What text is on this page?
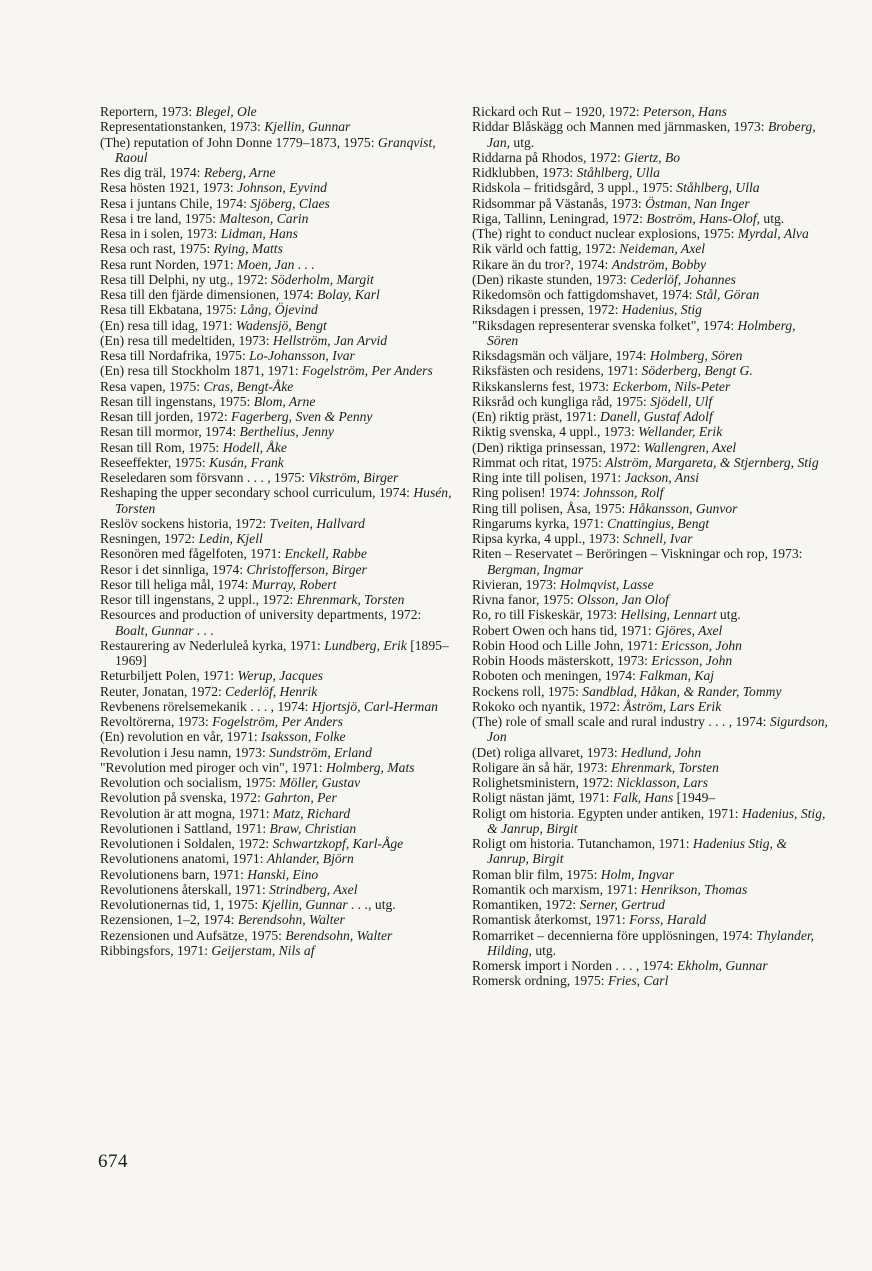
Reportern, 1973: Blegel, Ole

Representationstanken, 1973: Kjellin, Gunnar

(The) reputation of John Donne 1779–1873, 1975: Granqvist, Raoul

Res dig träl, 1974: Reberg, Arne

Resa hösten 1921, 1973: Johnson, Eyvind

Resa i juntans Chile, 1974: Sjöberg, Claes

Resa i tre land, 1975: Malteson, Carin

Resa in i solen, 1973: Lidman, Hans

Resa och rast, 1975: Rying, Matts

Resa runt Norden, 1971: Moen, Jan . . .

Resa till Delphi, ny utg., 1972: Söderholm, Margit

Resa till den fjärde dimensionen, 1974: Bolay, Karl

Resa till Ekbatana, 1975: Lång, Öjevind

(En) resa till idag, 1971: Wadensjö, Bengt

(En) resa till medeltiden, 1973: Hellström, Jan Arvid

Resa till Nordafrika, 1975: Lo-Johansson, Ivar

(En) resa till Stockholm 1871, 1971: Fogelström, Per Anders

Resa vapen, 1975: Cras, Bengt-Åke

Resan till ingenstans, 1975: Blom, Arne

Resan till jorden, 1972: Fagerberg, Sven & Penny

Resan till mormor, 1974: Berthelius, Jenny

Resan till Rom, 1975: Hodell, Åke

Reseeffekter, 1975: Kusán, Frank

Reseledaren som försvann . . . , 1975: Vikström, Birger

Reshaping the upper secondary school curriculum, 1974: Husén, Torsten

Reslöv sockens historia, 1972: Tveiten, Hallvard

Resningen, 1972: Ledin, Kjell

Resonören med fågelfoten, 1971: Enckell, Rabbe

Resor i det sinnliga, 1974: Christofferson, Birger

Resor till heliga mål, 1974: Murray, Robert

Resor till ingenstans, 2 uppl., 1972: Ehrenmark, Torsten

Resources and production of university departments, 1972: Boalt, Gunnar . . .

Restaurering av Nederluleå kyrka, 1971: Lundberg, Erik [1895–1969]

Returbiljett Polen, 1971: Werup, Jacques

Reuter, Jonatan, 1972: Cederlöf, Henrik

Revbenens rörelsemekanik . . . , 1974: Hjortsjö, Carl-Herman

Revoltörerna, 1973: Fogelström, Per Anders

(En) revolution en vår, 1971: Isaksson, Folke

Revolution i Jesu namn, 1973: Sundström, Erland

"Revolution med piroger och vin", 1971: Holmberg, Mats

Revolution och socialism, 1975: Möller, Gustav

Revolution på svenska, 1972: Gahrton, Per

Revolution är att mogna, 1971: Matz, Richard

Revolutionen i Sattland, 1971: Braw, Christian

Revolutionen i Soldalen, 1972: Schwartzkopf, Karl-Åge

Revolutionens anatomi, 1971: Ahlander, Björn

Revolutionens barn, 1971: Hanski, Eino

Revolutionens återskall, 1971: Strindberg, Axel

Revolutionernas tid, 1, 1975: Kjellin, Gunnar . . ., utg.

Rezensionen, 1–2, 1974: Berendsohn, Walter

Rezensionen und Aufsätze, 1975: Berendsohn, Walter

Ribbingsfors, 1971: Geijerstam, Nils af

Rickard och Rut – 1920, 1972: Peterson, Hans

Riddar Blåskägg och Mannen med järnmasken, 1973: Broberg, Jan, utg.

Riddarna på Rhodos, 1972: Giertz, Bo

Ridklubben, 1973: Ståhlberg, Ulla

Ridskola – fritidsgård, 3 uppl., 1975: Ståhlberg, Ulla

Ridsommar på Västanås, 1973: Östman, Nan Inger

Riga, Tallinn, Leningrad, 1972: Boström, Hans-Olof, utg.

(The) right to conduct nuclear explosions, 1975: Myrdal, Alva

Rik värld och fattig, 1972: Neideman, Axel

Rikare än du tror?, 1974: Andström, Bobby

(Den) rikaste stunden, 1973: Cederlöf, Johannes

Rikedomsön och fattigdomshavet, 1974: Stål, Göran

Riksdagen i pressen, 1972: Hadenius, Stig

"Riksdagen representerar svenska folket", 1974: Holmberg, Sören

Riksdagsmän och väljare, 1974: Holmberg, Sören

Riksfästen och residens, 1971: Söderberg, Bengt G.

Rikskanslerns fest, 1973: Eckerbom, Nils-Peter

Riksråd och kungliga råd, 1975: Sjödell, Ulf

(En) riktig präst, 1971: Danell, Gustaf Adolf

Riktig svenska, 4 uppl., 1973: Wellander, Erik

(Den) riktiga prinsessan, 1972: Wallengren, Axel

Rimmat och ritat, 1975: Alström, Margareta, & Stjernberg, Stig

Ring inte till polisen, 1971: Jackson, Ansi

Ring polisen! 1974: Johnsson, Rolf

Ring till polisen, Åsa, 1975: Håkansson, Gunvor

Ringarums kyrka, 1971: Cnattingius, Bengt

Ripsa kyrka, 4 uppl., 1973: Schnell, Ivar

Riten – Reservatet – Beröringen – Viskningar och rop, 1973: Bergman, Ingmar

Rivieran, 1973: Holmqvist, Lasse

Rivna fanor, 1975: Olsson, Jan Olof

Ro, ro till Fiskeskär, 1973: Hellsing, Lennart utg.

Robert Owen och hans tid, 1971: Gjöres, Axel

Robin Hood och Lille John, 1971: Ericsson, John

Robin Hoods mästerskott, 1973: Ericsson, John

Roboten och meningen, 1974: Falkman, Kaj

Rockens roll, 1975: Sandblad, Håkan, & Rander, Tommy

Rokoko och nyantik, 1972: Åström, Lars Erik

(The) role of small scale and rural industry . . . , 1974: Sigurdson, Jon

(Det) roliga allvaret, 1973: Hedlund, John

Roligare än så här, 1973: Ehrenmark, Torsten

Rolighetsministern, 1972: Nicklasson, Lars

Roligt nästan jämt, 1971: Falk, Hans [1949–

Roligt om historia. Egypten under antiken, 1971: Hadenius, Stig, & Janrup, Birgit

Roligt om historia. Tutanchamon, 1971: Hadenius Stig, & Janrup, Birgit

Roman blir film, 1975: Holm, Ingvar

Romantik och marxism, 1971: Henrikson, Thomas

Romantiken, 1972: Serner, Gertrud

Romantisk återkomst, 1971: Forss, Harald

Romarriket – decennierna före upplösningen, 1974: Thylander, Hilding, utg.

Romersk import i Norden . . . , 1974: Ekholm, Gunnar

Romersk ordning, 1975: Fries, Carl

674
